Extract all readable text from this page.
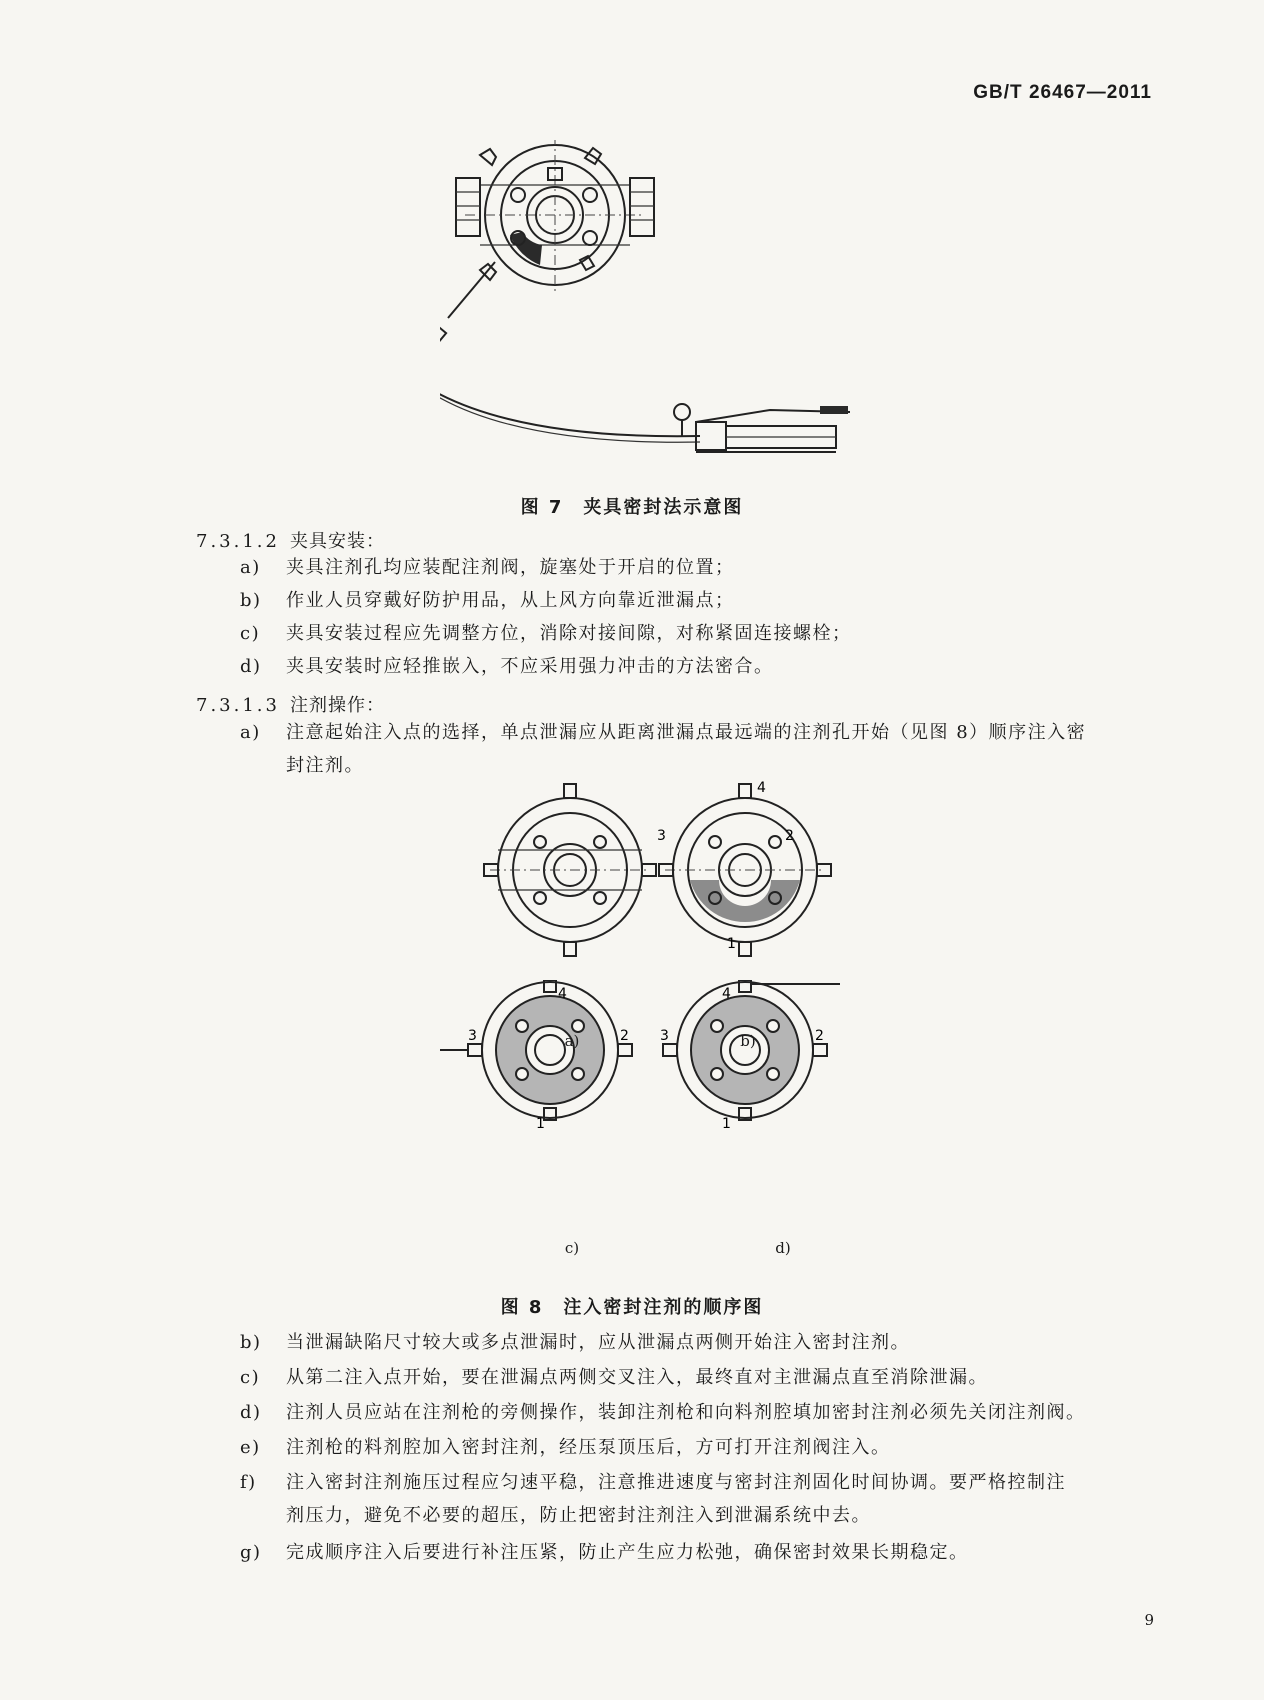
GB/T 26467—2011
图 7　夹具密封法示意图
7.3.1.2 夹具安装：
a) 夹具注剂孔均应装配注剂阀，旋塞处于开启的位置；
b) 作业人员穿戴好防护用品，从上风方向靠近泄漏点；
c) 夹具安装过程应先调整方位，消除对接间隙，对称紧固连接螺栓；
d) 夹具安装时应轻推嵌入，不应采用强力冲击的方法密合。
7.3.1.3 注剂操作：
a) 注意起始注入点的选择，单点泄漏应从距离泄漏点最远端的注剂孔开始（见图 8）顺序注入密
封注剂。
4
2
3
1
4
2
3
1
4
2
3
1
a)	b)
c)	d)
图 8　注入密封注剂的顺序图
b) 当泄漏缺陷尺寸较大或多点泄漏时，应从泄漏点两侧开始注入密封注剂。
c) 从第二注入点开始，要在泄漏点两侧交叉注入，最终直对主泄漏点直至消除泄漏。
d) 注剂人员应站在注剂枪的旁侧操作，装卸注剂枪和向料剂腔填加密封注剂必须先关闭注剂阀。
e) 注剂枪的料剂腔加入密封注剂，经压泵顶压后，方可打开注剂阀注入。
f) 注入密封注剂施压过程应匀速平稳，注意推进速度与密封注剂固化时间协调。要严格控制注
剂压力，避免不必要的超压，防止把密封注剂注入到泄漏系统中去。
g) 完成顺序注入后要进行补注压紧，防止产生应力松弛，确保密封效果长期稳定。
9
